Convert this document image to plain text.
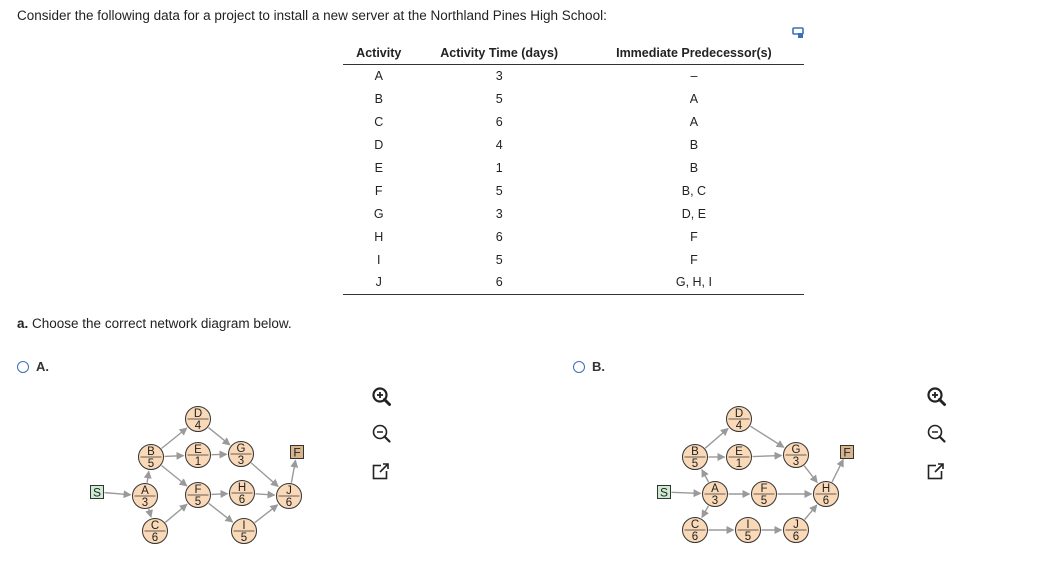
Consider the following data for a project to install a new server at the Northland Pines High School:
Activity	Activity Time (days)	Immediate Predecessor(s)
A	3	–
B	5	A
C	6	A
D	4	B
E	1	B
F	5	B, C
G	3	D, E
H	6	F
I	5	F
J	6	G, H, I
a. Choose the correct network diagram below.
A.	B.
S
F
A
3
B
5
C
6
D
4
E
1
F
5
G
3
H
6
I
5
J
6
S
F
A
3
B
5
C
6
D
4
E
1
F
5
G
3
H
6
I
5
J
6
